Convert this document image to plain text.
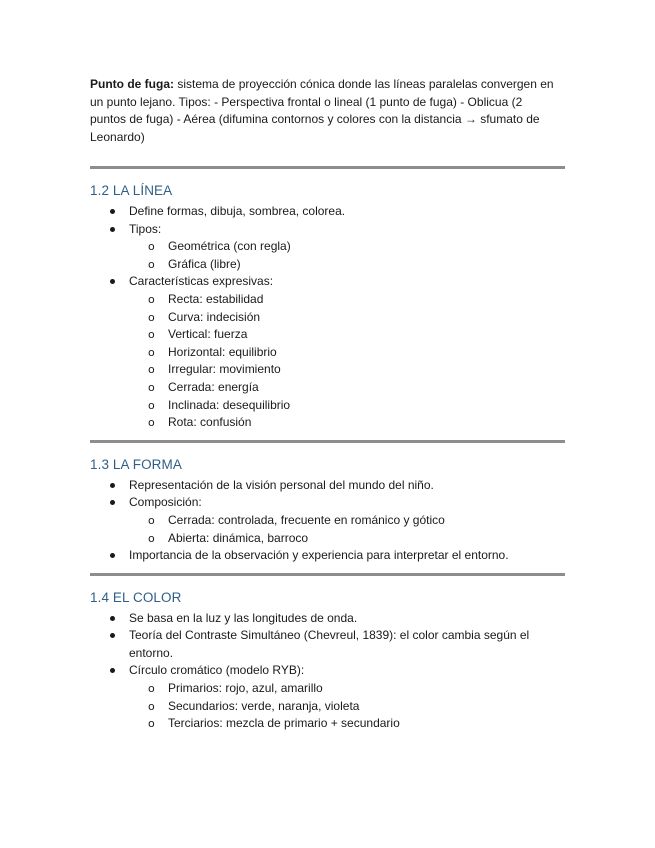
Punto de fuga: sistema de proyección cónica donde las líneas paralelas convergen en un punto lejano. Tipos: - Perspectiva frontal o lineal (1 punto de fuga) - Oblicua (2 puntos de fuga) - Aérea (difumina contornos y colores con la distancia → sfumato de Leonardo)

1.2 LA LÍNEA
Define formas, dibuja, sombrea, colorea.
Tipos:
o Geométrica (con regla)
o Gráfica (libre)
Características expresivas:
o Recta: estabilidad
o Curva: indecisión
o Vertical: fuerza
o Horizontal: equilibrio
o Irregular: movimiento
o Cerrada: energía
o Inclinada: desequilibrio
o Rota: confusión
1.3 LA FORMA
Representación de la visión personal del mundo del niño.
Composición:
o Cerrada: controlada, frecuente en románico y gótico
o Abierta: dinámica, barroco
Importancia de la observación y experiencia para interpretar el entorno.
1.4 EL COLOR
Se basa en la luz y las longitudes de onda.
Teoría del Contraste Simultáneo (Chevreul, 1839): el color cambia según el entorno.
Círculo cromático (modelo RYB):
o Primarios: rojo, azul, amarillo
o Secundarios: verde, naranja, violeta
o Terciarios: mezcla de primario + secundario
